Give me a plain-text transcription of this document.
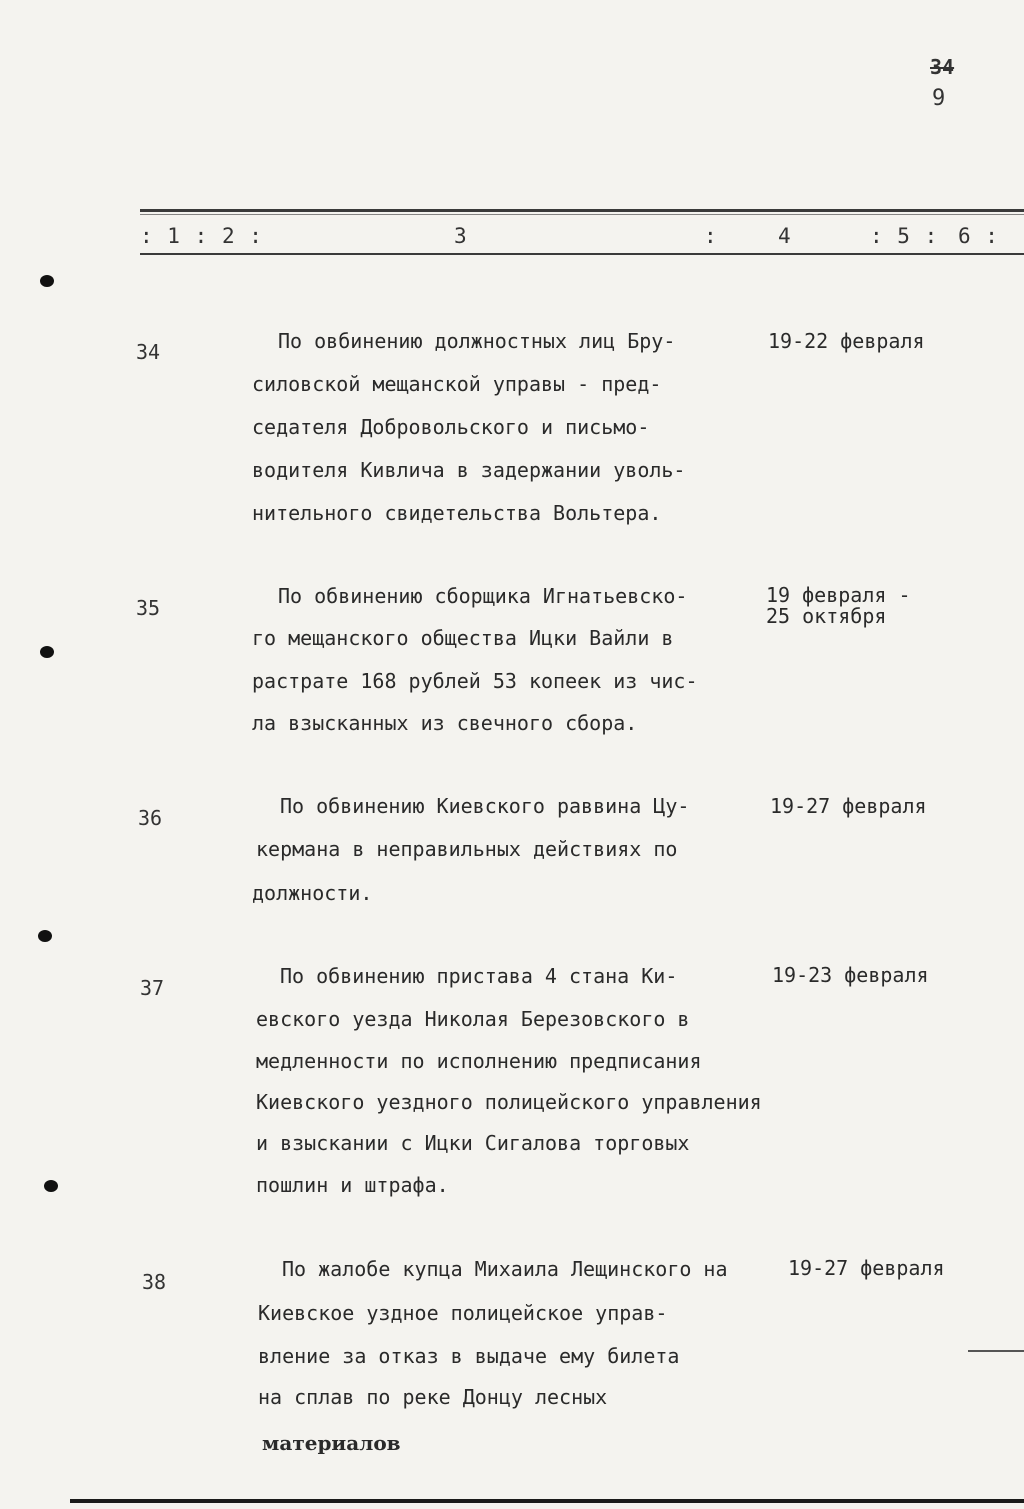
34
9
: 1 : 2 :	3	:	4	: 5 : 6 :
34	По овбинению должностных лиц Бру-
силовской мещанской управы - пред-
седателя Добровольского и письмо-
водителя Кивлича в задержании уволь-
нительного свидетельства Вольтера.
19-22 февраля
35	По обвинению сборщика Игнатьевско-
го мещанского общества Ицки Вайли в
растрате 168 рублей 53 копеек из чис-
ла взысканных из свечного сбора.
19 февраля -
25 октября
36	По обвинению Киевского раввина Цу-
кермана в неправильных действиях по
должности.
19-27 февраля
37	По обвинению пристава 4 стана Ки-
евского уезда Николая Березовского в
медленности по исполнению предписания
Киевского уездного полицейского управления
и взыскании с Ицки Сигалова торговых
пошлин и штрафа.
19-23 февраля
38
По жалобе купца Михаила Лещинского на
Киевское уздное полицейское управ-
вление за отказ в выдаче ему билета
на сплав по реке Донцу лесных
материалов
19-27 февраля
